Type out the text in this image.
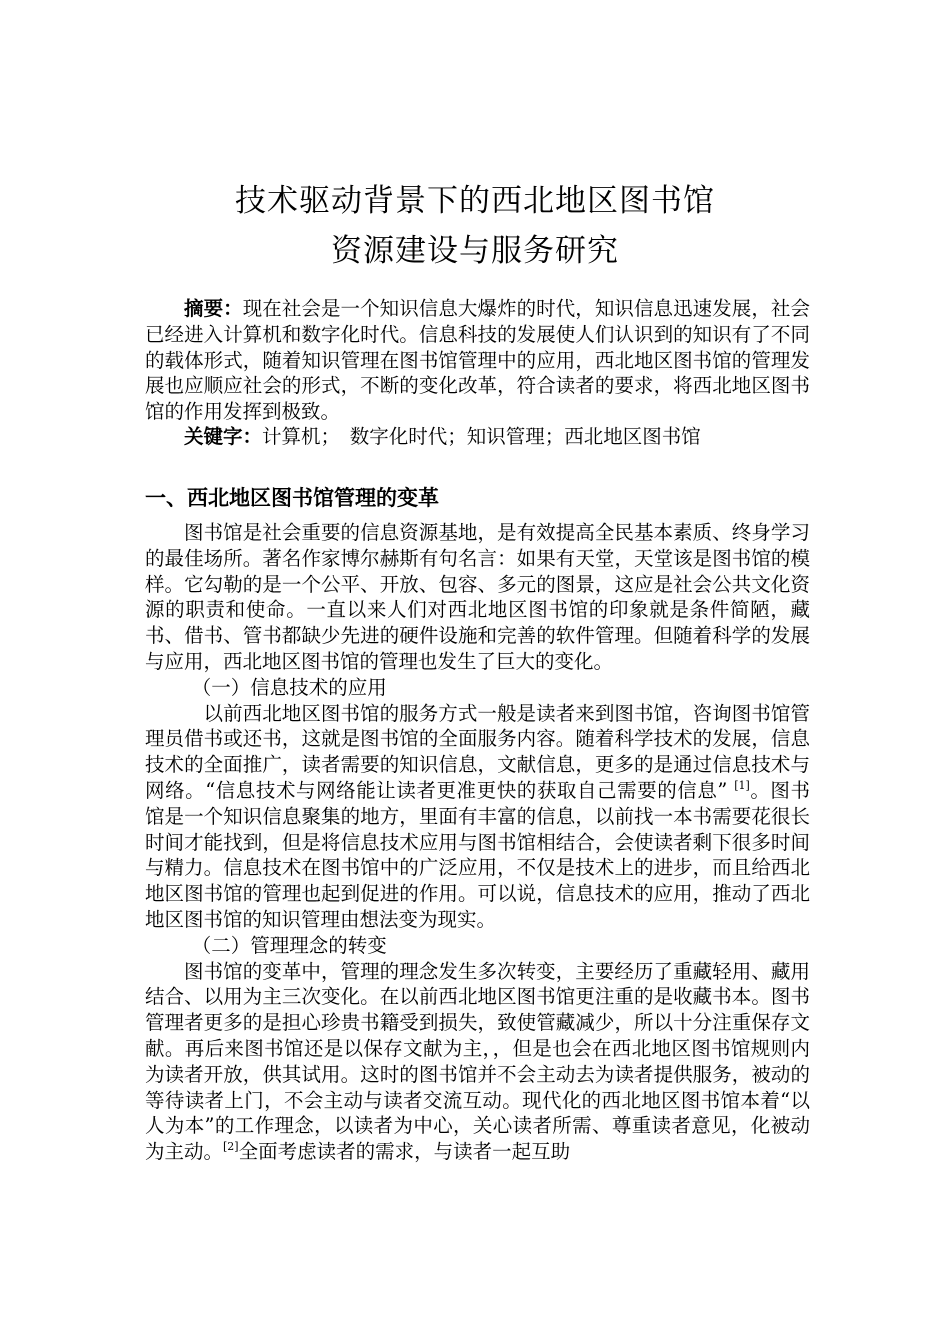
技术驱动背景下的西北地区图书馆
资源建设与服务研究

摘要：现在社会是一个知识信息大爆炸的时代，知识信息迅速发展，社会已经进入计算机和数字化时代。信息科技的发展使人们认识到的知识有了不同的载体形式，随着知识管理在图书馆管理中的应用，西北地区图书馆的管理发展也应顺应社会的形式，不断的变化改革，符合读者的要求，将西北地区图书馆的作用发挥到极致。

关键字：计算机；　数字化时代；知识管理；西北地区图书馆

一、西北地区图书馆管理的变革

图书馆是社会重要的信息资源基地，是有效提高全民基本素质、终身学习的最佳场所。著名作家博尔赫斯有句名言：如果有天堂，天堂该是图书馆的模样。它勾勒的是一个公平、开放、包容、多元的图景，这应是社会公共文化资源的职责和使命。一直以来人们对西北地区图书馆的印象就是条件简陋，藏书、借书、管书都缺少先进的硬件设施和完善的软件管理。但随着科学的发展与应用，西北地区图书馆的管理也发生了巨大的变化。

（一）信息技术的应用

以前西北地区图书馆的服务方式一般是读者来到图书馆，咨询图书馆管理员借书或还书，这就是图书馆的全面服务内容。随着科学技术的发展，信息技术的全面推广，读者需要的知识信息，文献信息，更多的是通过信息技术与网络。“信息技术与网络能让读者更准更快的获取自己需要的信息” [1]。图书馆是一个知识信息聚集的地方，里面有丰富的信息，以前找一本书需要花很长时间才能找到，但是将信息技术应用与图书馆相结合，会使读者剩下很多时间与精力。信息技术在图书馆中的广泛应用，不仅是技术上的进步，而且给西北地区图书馆的管理也起到促进的作用。可以说，信息技术的应用，推动了西北地区图书馆的知识管理由想法变为现实。

（二）管理理念的转变

图书馆的变革中，管理的理念发生多次转变，主要经历了重藏轻用、藏用结合、以用为主三次变化。在以前西北地区图书馆更注重的是收藏书本。图书管理者更多的是担心珍贵书籍受到损失，致使管藏减少，所以十分注重保存文献。再后来图书馆还是以保存文献为主，，但是也会在西北地区图书馆规则内为读者开放，供其试用。这时的图书馆并不会主动去为读者提供服务，被动的等待读者上门，不会主动与读者交流互动。现代化的西北地区图书馆本着“以人为本”的工作理念，以读者为中心，关心读者所需、尊重读者意见，化被动为主动。[2]全面考虑读者的需求，与读者一起互助
